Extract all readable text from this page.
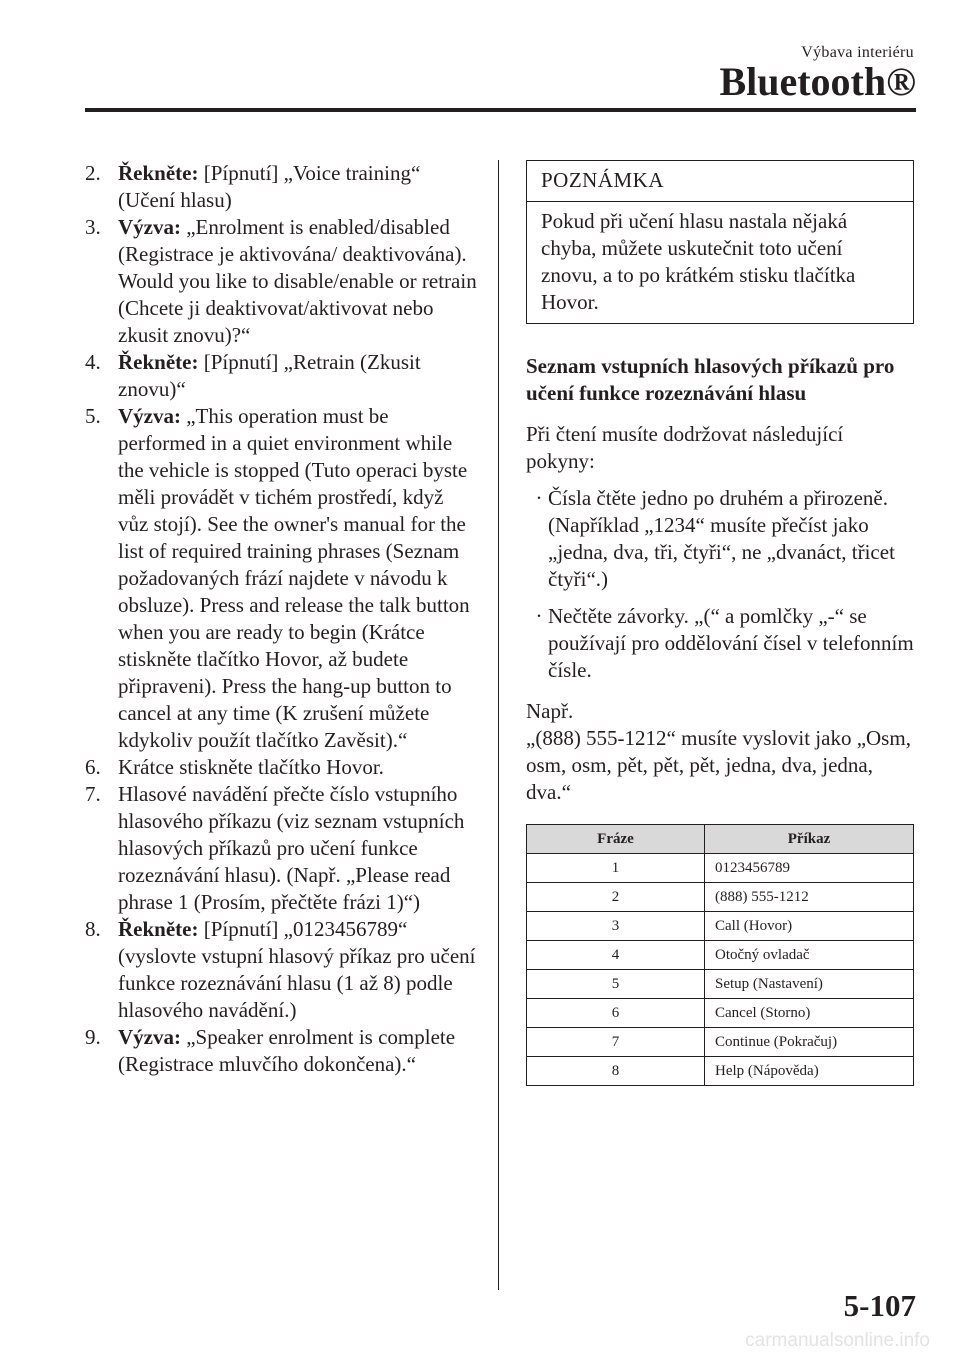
Výbava interiéru
Bluetooth®
2. Řekněte: [Pípnutí] „Voice training“ (Učení hlasu)
3. Výzva: „Enrolment is enabled/disabled (Registrace je aktivována/ deaktivována). Would you like to disable/enable or retrain (Chcete ji deaktivovat/aktivovat nebo zkusit znovu)?“
4. Řekněte: [Pípnutí] „Retrain (Zkusit znovu)“
5. Výzva: „This operation must be performed in a quiet environment while the vehicle is stopped (Tuto operaci byste měli provádět v tichém prostředí, když vůz stojí). See the owner's manual for the list of required training phrases (Seznam požadovaných frází najdete v návodu k obsluze). Press and release the talk button when you are ready to begin (Krátce stiskněte tlačítko Hovor, až budete připraveni). Press the hang-up button to cancel at any time (K zrušení můžete kdykoliv použít tlačítko Zavěsit).“
6. Krátce stiskněte tlačítko Hovor.
7. Hlasové navádění přečte číslo vstupního hlasového příkazu (viz seznam vstupních hlasových příkazů pro učení funkce rozeznávání hlasu). (Např. „Please read phrase 1 (Prosím, přečtěte frázi 1)“)
8. Řekněte: [Pípnutí] „0123456789“ (vyslovte vstupní hlasový příkaz pro učení funkce rozeznávání hlasu (1 až 8) podle hlasového navádění.)
9. Výzva: „Speaker enrolment is complete (Registrace mluvčího dokončena).“
POZNÁMKA
Pokud při učení hlasu nastala nějaká chyba, můžete uskutečnit toto učení znovu, a to po krátkém stisku tlačítka Hovor.
Seznam vstupních hlasových příkazů pro učení funkce rozeznávání hlasu
Při čtení musíte dodržovat následující pokyny:
· Čísla čtěte jedno po druhém a přirozeně. (Například „1234“ musíte přečíst jako „jedna, dva, tři, čtyři“, ne „dvanáct, třicet čtyři“.)
· Nečtěte závorky. „(“ a pomlčky „-“ se používají pro oddělování čísel v telefonním čísle.
Např.
„(888) 555-1212“ musíte vyslovit jako „Osm, osm, osm, pět, pět, pět, jedna, dva, jedna, dva.“
Fráze	Příkaz
1	0123456789
2	(888) 555-1212
3	Call (Hovor)
4	Otočný ovladač
5	Setup (Nastavení)
6	Cancel (Storno)
7	Continue (Pokračuj)
8	Help (Nápověda)
5-107
carmanualsonline.info
